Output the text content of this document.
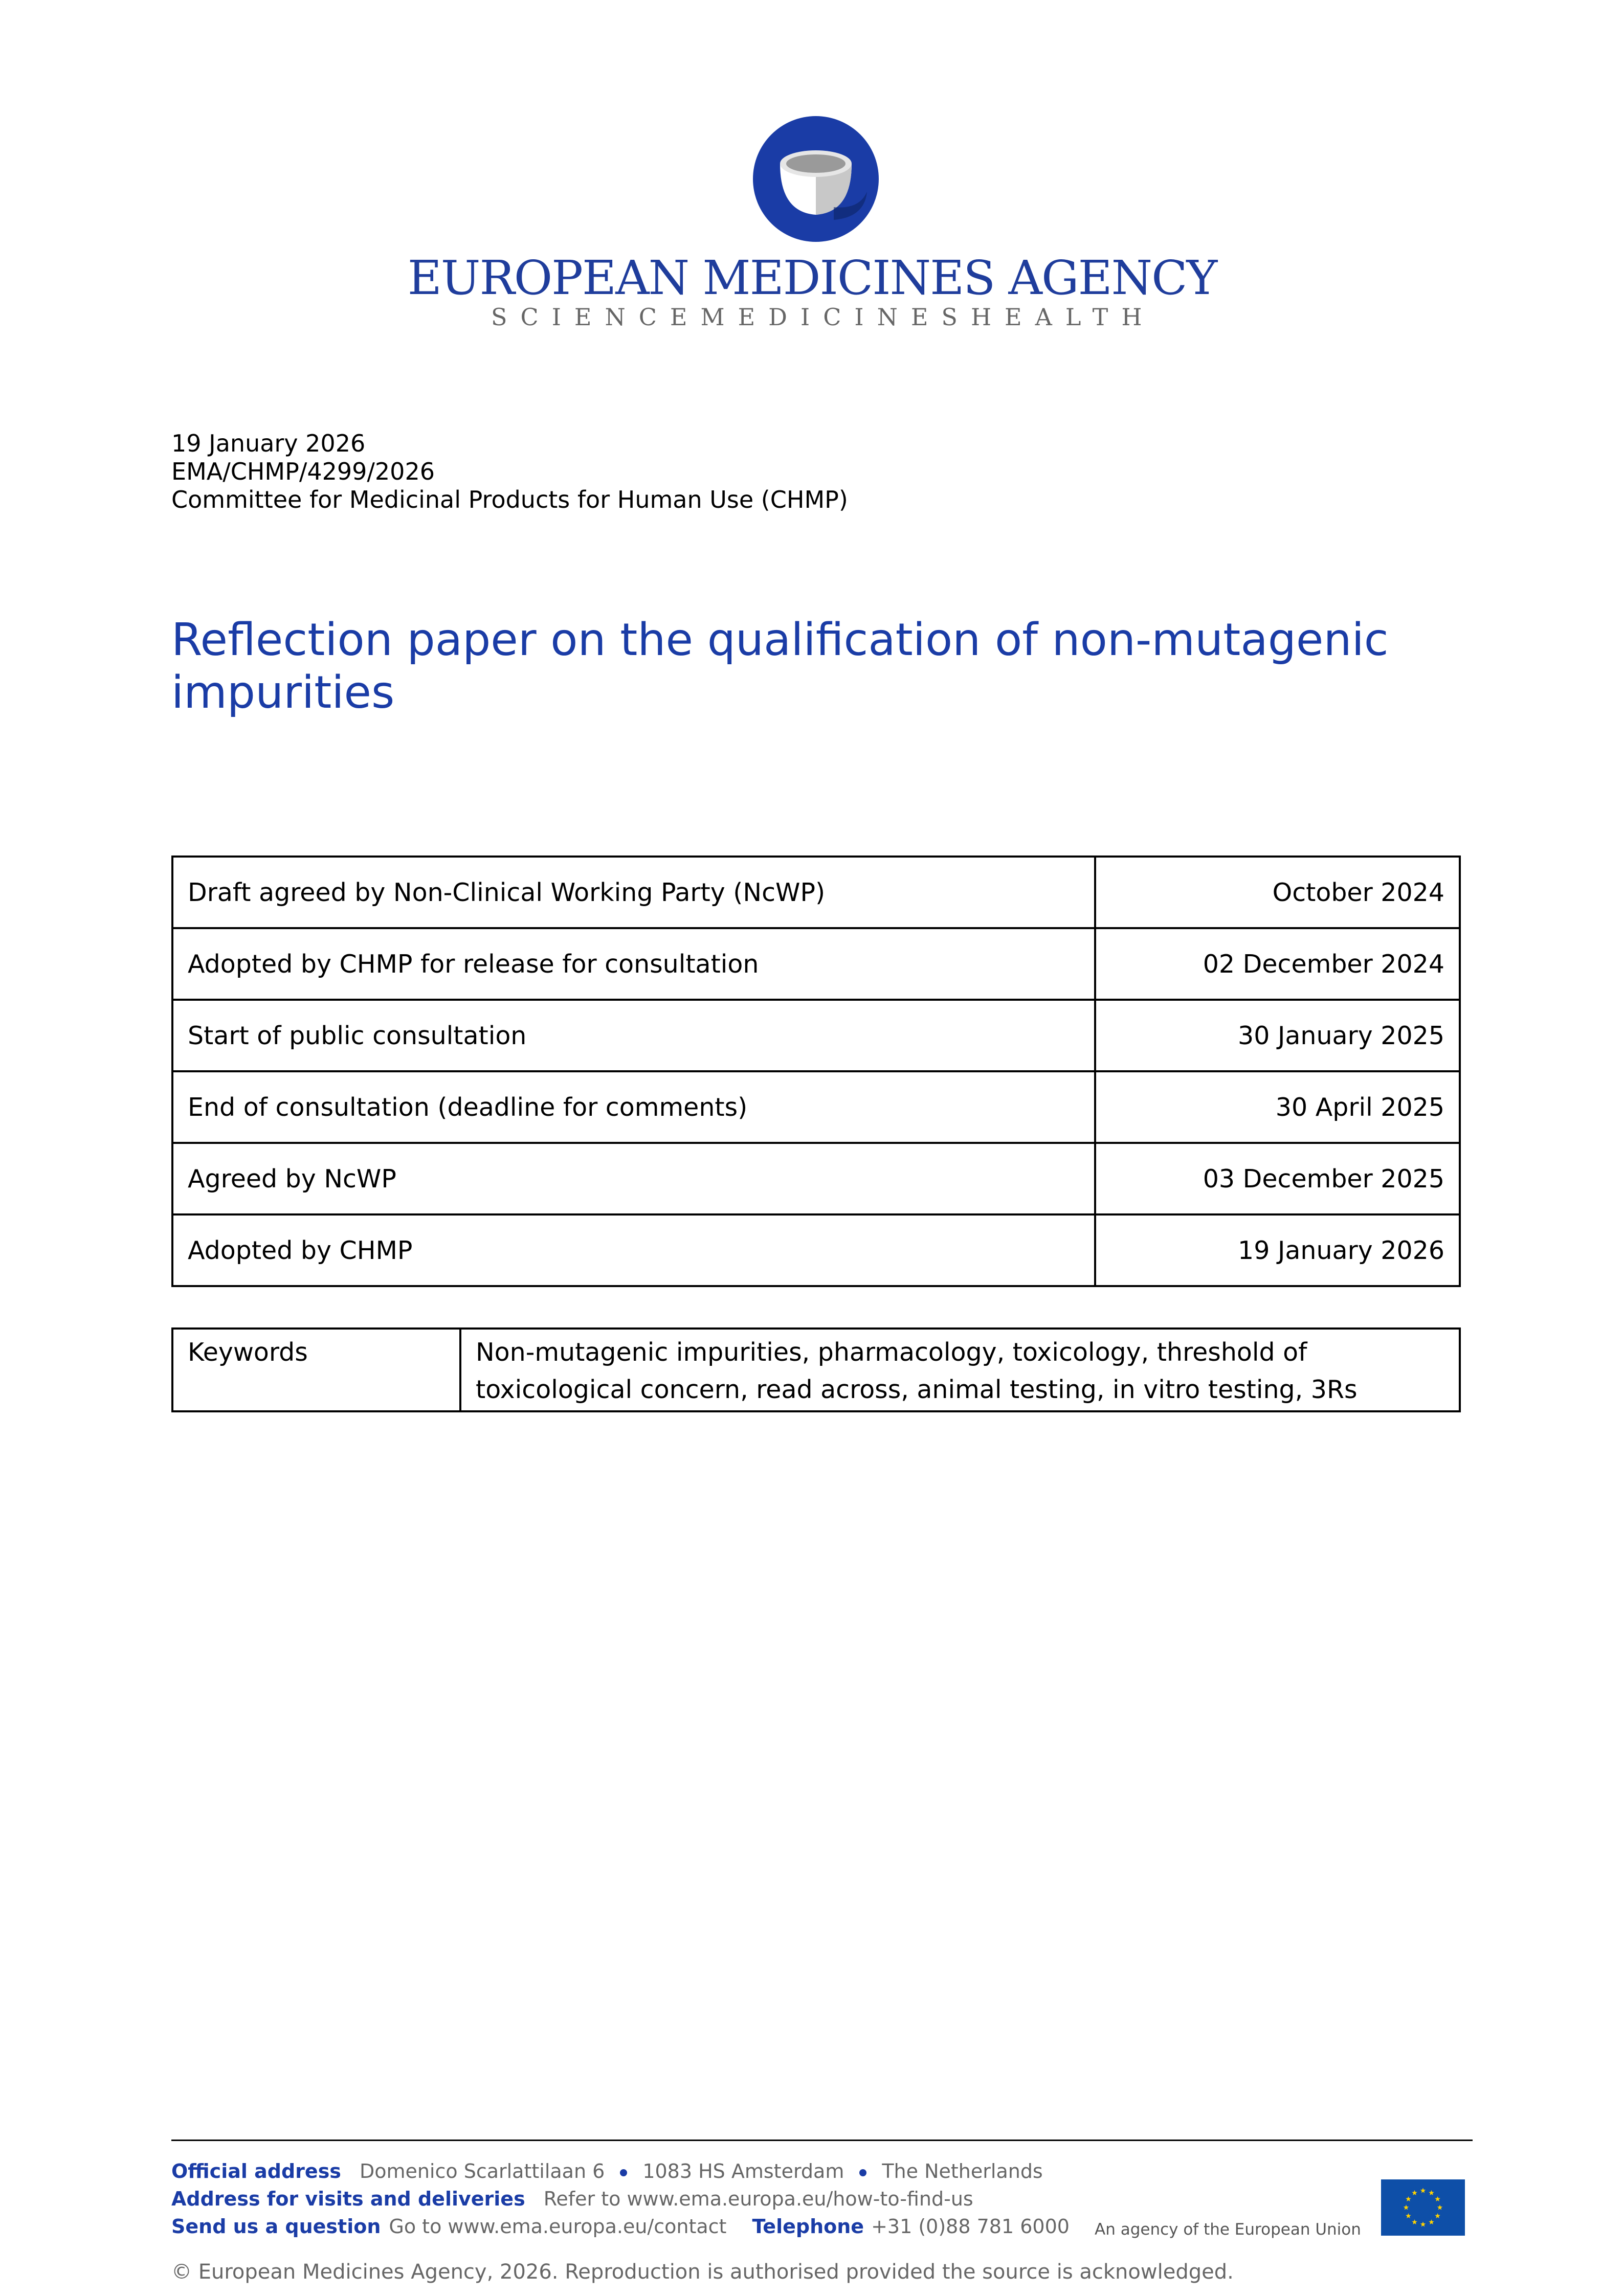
EUROPEAN MEDICINES AGENCY
SCIENCE MEDICINES HEALTH
19 January 2026
EMA/CHMP/4299/2026
Committee for Medicinal Products for Human Use (CHMP)
Reflection paper on the qualification of non-mutagenic impurities
Draft agreed by Non-Clinical Working Party (NcWP)	October 2024
Adopted by CHMP for release for consultation	02 December 2024
Start of public consultation	30 January 2025
End of consultation (deadline for comments)	30 April 2025
Agreed by NcWP	03 December 2025
Adopted by CHMP	19 January 2026
Keywords	Non-mutagenic impurities, pharmacology, toxicology, threshold of toxicological concern, read across, animal testing, in vitro testing, 3Rs
Official address Domenico Scarlattilaan 6 1083 HS Amsterdam The Netherlands
Address for visits and deliveries Refer to www.ema.europa.eu/how-to-find-us
Send us a question Go to www.ema.europa.eu/contact Telephone +31 (0)88 781 6000 An agency of the European Union
© European Medicines Agency, 2026. Reproduction is authorised provided the source is acknowledged.
